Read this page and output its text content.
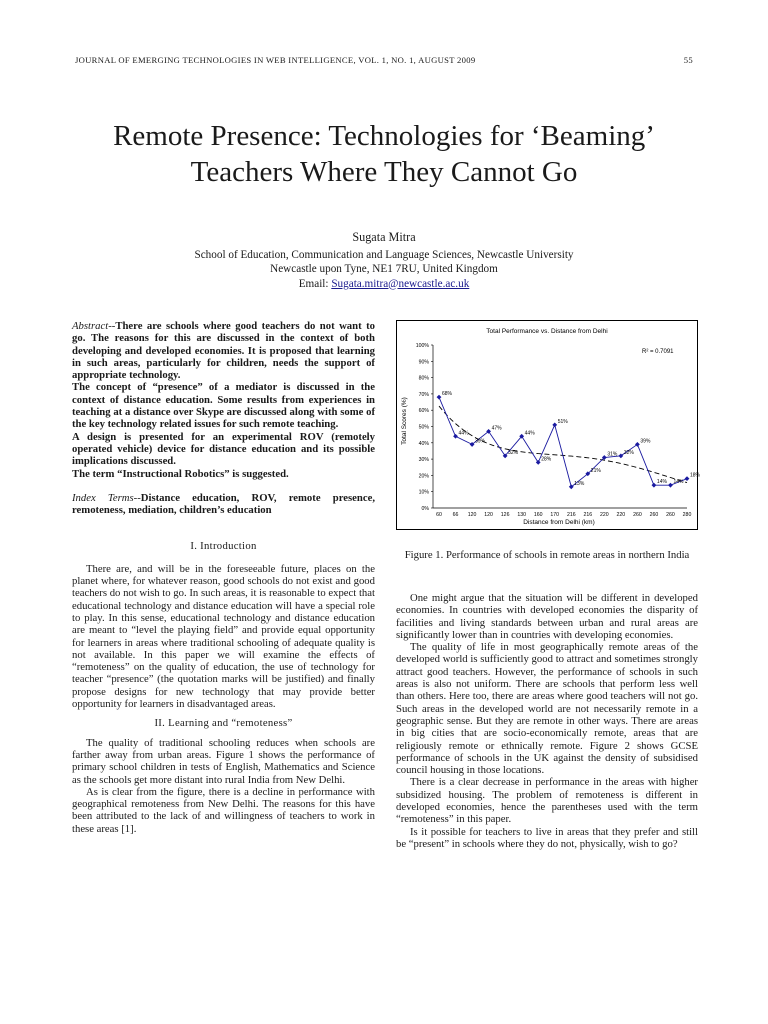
JOURNAL OF EMERGING TECHNOLOGIES IN WEB INTELLIGENCE, VOL. 1, NO. 1, AUGUST 2009	55
Remote Presence: Technologies for ‘Beaming’
Teachers Where They Cannot Go
Sugata Mitra
School of Education, Communication and Language Sciences, Newcastle University
Newcastle upon Tyne, NE1 7RU, United Kingdom
Email: Sugata.mitra@newcastle.ac.uk

Abstract--There are schools where good teachers do not want to go. The reasons for this are discussed in the context of both developing and developed economies. It is proposed that learning in such areas, particularly for children, needs the support of appropriate technology.

The concept of “presence” of a mediator is discussed in the context of distance education. Some results from experiences in teaching at a distance over Skype are discussed along with some of the key technology related issues for such remote teaching.

A design is presented for an experimental ROV (remotely operated vehicle) device for distance education and its possible implications discussed.

The term “Instructional Robotics” is suggested.

Index Terms--Distance education, ROV, remote presence, remoteness, mediation, children’s education

I. Introduction

There are, and will be in the foreseeable future, places on the planet where, for whatever reason, good schools do not exist and good teachers do not wish to go. In such areas, it is reasonable to expect that educational technology and distance education will have a special role to play. In this sense, educational technology and distance education are meant to “level the playing field” and provide equal opportunity for learners in areas where traditional schooling of adequate quality is not available. In this paper we will examine the effects of “remoteness” on the quality of education, the use of technology for teacher “presence” (the quotation marks will be justified) and finally propose designs for new technology that may provide better opportunity for learners in disadvantaged areas.

II. Learning and “remoteness”

The quality of traditional schooling reduces when schools are farther away from urban areas. Figure 1 shows the performance of primary school children in tests of English, Mathematics and Science as the schools get more distant into rural India from New Delhi.

As is clear from the figure, there is a decline in performance with geographical remoteness from New Delhi. The reasons for this have been attributed to the lack of and willingness of teachers to work in these areas [1].

Total Performance vs. Distance from Delhi
Total Scores (%)
Distance from Delhi (km)
R² = 0.7091
0%
10%
20%
30%
40%
50%
60%
70%
80%
90%
100%
60 66 120 120 126 130 160 170 216 216 220 220 260 260 260 280
68%
44%
39%
47%
32%
44%
28%
51%
13%
21%
31% 32%
39%
14% 14%
18%
Figure 1. Performance of schools in remote areas in northern India

One might argue that the situation will be different in developed economies. In countries with developed economies the disparity of facilities and living standards between urban and rural areas are significantly lower than in countries with developing economies.

The quality of life in most geographically remote areas of the developed world is sufficiently good to attract and sometimes strongly attract good teachers. However, the performance of schools in such areas is also not uniform. There are schools that perform less well than others. Here too, there are areas where good teachers will not go. Such areas in the developed world are not necessarily remote in a geographic sense. But they are remote in other ways. There are areas in big cities that are socio-economically remote, areas that are religiously remote or ethnically remote. Figure 2 shows GCSE performance of schools in the UK against the density of subsidised council housing in those locations.

There is a clear decrease in performance in the areas with higher subsidized housing. The problem of remoteness is different in developed economies, hence the parentheses used with the term “remoteness” in this paper.

Is it possible for teachers to live in areas that they prefer and still be “present” in schools where they do not, physically, wish to go?
